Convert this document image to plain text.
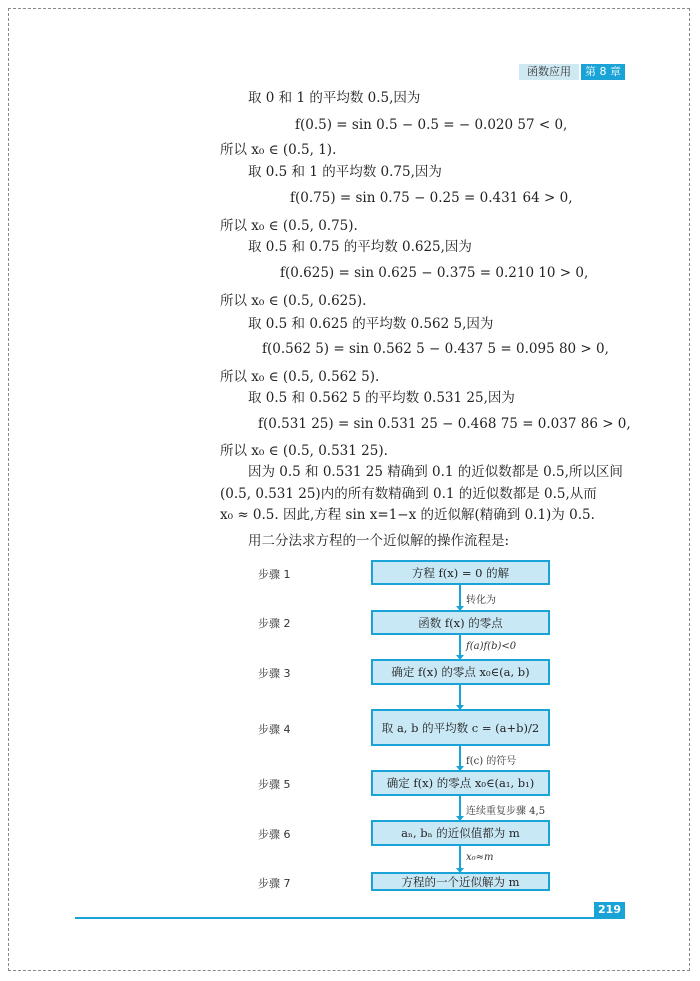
函数应用	第 8 章
取 0 和 1 的平均数 0.5,因为
f(0.5) = sin 0.5 − 0.5 = − 0.020 57 < 0,
所以 x₀ ∈ (0.5, 1).
取 0.5 和 1 的平均数 0.75,因为
f(0.75) = sin 0.75 − 0.25 = 0.431 64 > 0,
所以 x₀ ∈ (0.5, 0.75).
取 0.5 和 0.75 的平均数 0.625,因为
f(0.625) = sin 0.625 − 0.375 = 0.210 10 > 0,
所以 x₀ ∈ (0.5, 0.625).
取 0.5 和 0.625 的平均数 0.562 5,因为
f(0.562 5) = sin 0.562 5 − 0.437 5 = 0.095 80 > 0,
所以 x₀ ∈ (0.5, 0.562 5).
取 0.5 和 0.562 5 的平均数 0.531 25,因为
f(0.531 25) = sin 0.531 25 − 0.468 75 = 0.037 86 > 0,
所以 x₀ ∈ (0.5, 0.531 25).
因为 0.5 和 0.531 25 精确到 0.1 的近似数都是 0.5,所以区间
(0.5, 0.531 25)内的所有数精确到 0.1 的近似数都是 0.5,从而
x₀ ≈ 0.5. 因此,方程 sin x=1−x 的近似解(精确到 0.1)为 0.5.
用二分法求方程的一个近似解的操作流程是:
步骤 1
步骤 2
步骤 3
步骤 4
步骤 5
步骤 6
步骤 7
方程 f(x) = 0 的解
函数 f(x) 的零点
确定 f(x) 的零点 x₀∈(a, b)
取 a, b 的平均数 c = (a+b)/2
确定 f(x) 的零点 x₀∈(a₁, b₁)
aₙ, bₙ 的近似值都为 m
方程的一个近似解为 m
转化为
f(a)f(b)<0
f(c) 的符号
连续重复步骤 4,5
x₀≈m
219
